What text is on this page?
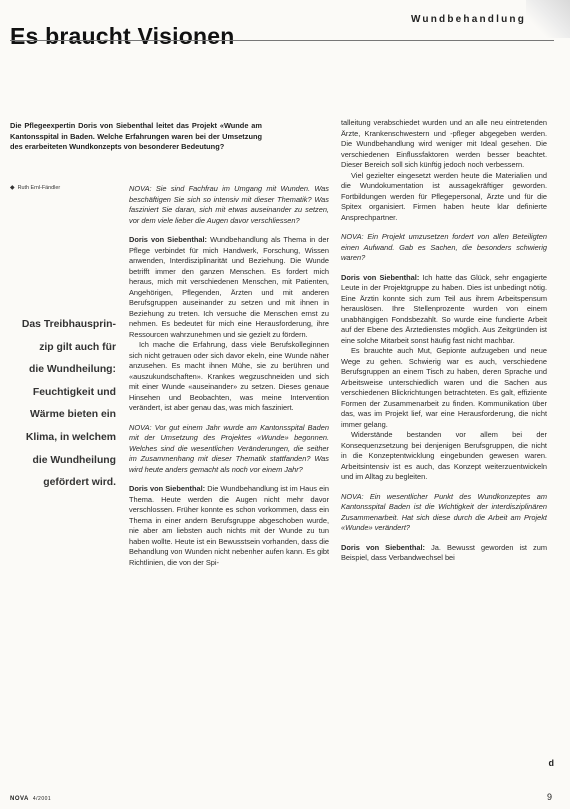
Es braucht Visionen
Wundbehandlung
Die Pflegeexpertin Doris von Siebenthal leitet das Projekt «Wunde am Kantonsspital in Baden. Welche Erfahrungen waren bei der Umsetzung des erarbeiteten Wundkonzepts von besonderer Bedeutung?
◆ Ruth Ernl-Fändler
Das Treibhausprin-
zip gilt auch für
die Wundheilung:
Feuchtigkeit und
Wärme bieten ein
Klima, in welchem
die Wundheilung
gefördert wird.

NOVA: Sie sind Fachfrau im Umgang mit Wunden. Was beschäftigen Sie sich so intensiv mit dieser Thematik? Was fasziniert Sie daran, sich mit etwas auseinander zu setzen, vor dem viele lieber die Augen davor verschliessen?

Doris von Siebenthal: Wundbehandlung als Thema in der Pflege verbindet für mich Handwerk, Forschung, Wissen anwenden, Interdisziplinarität und Beziehung. Die Wunde betrifft immer den ganzen Menschen. Es fordert mich heraus, mich mit verschiedenen Menschen, mit Patienten, Angehörigen, Pflegenden, Ärzten und mit anderen Berufsgruppen auseinander zu setzen und mit ihnen in Beziehung zu treten. Ich versuche die Menschen ernst zu nehmen. Es bedeutet für mich eine Herausforderung, ihre Ressourcen wahrzunehmen und sie gezielt zu fördern.

Ich mache die Erfahrung, dass viele Berufskolleginnen sich nicht getrauen oder sich davor ekeln, eine Wunde näher anzusehen. Es macht ihnen Mühe, sie zu berühren und «auszukundschaften». Krankes wegzuschneiden und sich mit einer Wunde «auseinander» zu setzen. Dieses genaue Hinsehen und Beobachten, was meine Intervention verändert, ist aber genau das, was mich fasziniert.

NOVA: Vor gut einem Jahr wurde am Kantonsspital Baden mit der Umsetzung des Projektes «Wunde» begonnen. Welches sind die wesentlichen Veränderungen, die seither im Zusammenhang mit dieser Thematik stattfanden? Was wird heute anders gemacht als noch vor einem Jahr?

Doris von Siebenthal: Die Wundbehandlung ist im Haus ein Thema. Heute werden die Augen nicht mehr davor verschlossen. Früher konnte es schon vorkommen, dass ein Thema in einer andern Berufsgruppe abgeschoben wurde, nie aber am liebsten auch nichts mit der Wunde zu tun haben wollte. Heute ist ein Bewusstsein vorhanden, dass die Behandlung von Wunden nicht nebenher aufen kann. Es gibt Richtlinien, die von der Spi-

talleitung verabschiedet wurden und an alle neu eintretenden Ärzte, Krankenschwestern und -pfleger abgegeben werden. Die Wundbehandlung wird weniger mit Ideal gesehen. Die verschiedenen Einflussfaktoren werden besser beachtet. Dieser Bereich soll sich künftig jedoch noch verbessern.

Viel gezielter eingesetzt werden heute die Materialien und die Wundokumentation ist aussagekräftiger geworden. Fortbildungen werden für Pflegepersonal, Ärzte und für die Spitex organisiert. Firmen haben heute klar definierte Ansprechpartner.

NOVA: Ein Projekt umzusetzen fordert von allen Beteiligten einen Aufwand. Gab es Sachen, die besonders schwierig waren?

Doris von Siebenthal: Ich hatte das Glück, sehr engagierte Leute in der Projektgruppe zu haben. Dies ist unbedingt nötig. Eine Ärztin konnte sich zum Teil aus ihrem Arbeitspensum herauslösen. Ihre Stellenprozente wurden von einem unabhängigen Fondsbezahlt. So wurde eine fundierte Arbeit auf der Ebene des Ärztedienstes möglich. Aus Zeitgründen ist eine solche Mitarbeit sonst häufig fast nicht machbar.

Es brauchte auch Mut, Gepionte aufzugeben und neue Wege zu gehen. Schwierig war es auch, verschiedene Berufsgruppen an einem Tisch zu haben, deren Sprache und Arbeitsweise unterschiedlich waren und die Sachen aus verschiedenen Blickrichtungen betrachteten. Es galt, effiziente Formen der Zusammenarbeit zu finden. Kommunikation über das, was im Projekt lief, war eine Herausforderung, die nicht immer gelang.

Widerstände bestanden vor allem bei der Konsequenzsetzung bei denjenigen Berufsgruppen, die nicht in die Konzeptentwicklung eingebunden gewesen waren. Arbeitsintensiv ist es auch, das Konzept weiterzuentwickeln und im Alltag zu begleiten.

NOVA: Ein wesentlicher Punkt des Wundkonzeptes am Kantonsspital Baden ist die Wichtigkeit der interdisziplinären Zusammenarbeit. Hat sich diese durch die Arbeit am Projekt «Wunde» verändert?

Doris von Siebenthal: Ja. Bewusst geworden ist zum Beispiel, dass Verbandwechsel bei

d
NOVA 4/2001	9
